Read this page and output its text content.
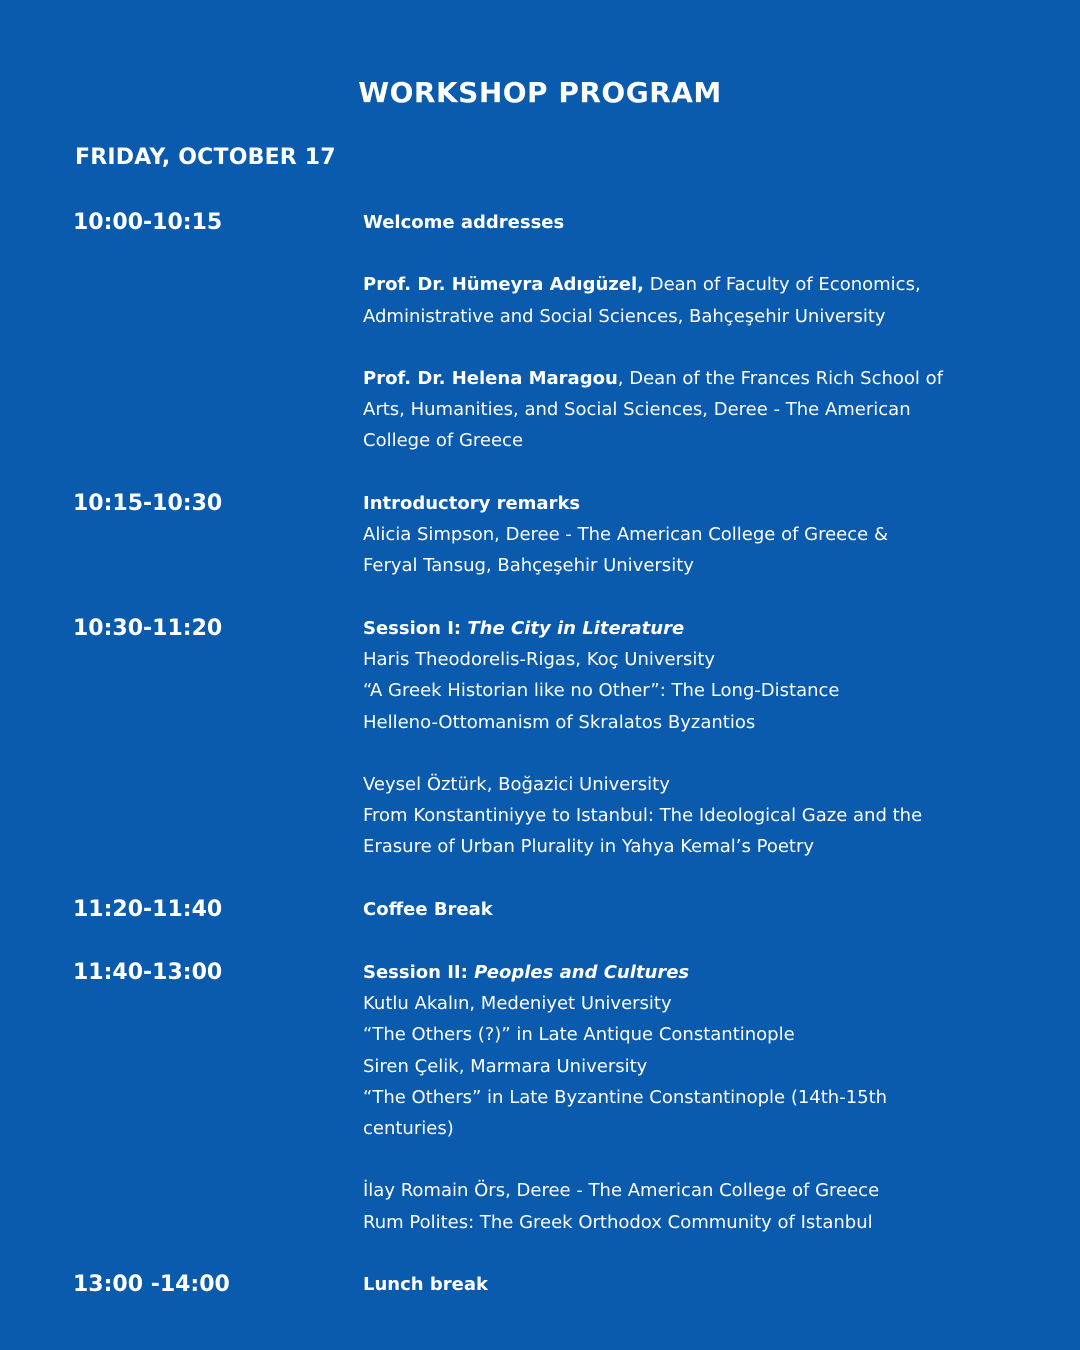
WORKSHOP PROGRAM
FRIDAY, OCTOBER 17
10:00-10:15	Welcome addresses
Prof. Dr. Hümeyra Adıgüzel, Dean of Faculty of Economics,
Administrative and Social Sciences, Bahçeşehir University
Prof. Dr. Helena Maragou, Dean of the Frances Rich School of
Arts, Humanities, and Social Sciences, Deree - The American
College of Greece
10:15-10:30	Introductory remarks
Alicia Simpson, Deree - The American College of Greece &
Feryal Tansug, Bahçeşehir University
10:30-11:20	Session I: The City in Literature
Haris Theodorelis-Rigas, Koç University
“A Greek Historian like no Other”: The Long-Distance
Helleno-Ottomanism of Skralatos Byzantios
Veysel Öztürk, Boğazici University
From Konstantiniyye to Istanbul: The Ideological Gaze and the
Erasure of Urban Plurality in Yahya Kemal’s Poetry
11:20-11:40	Coffee Break
11:40-13:00	Session II: Peoples and Cultures
Kutlu Akalın, Medeniyet University
“The Others (?)” in Late Antique Constantinople
Siren Çelik, Marmara University
“The Others” in Late Byzantine Constantinople (14th-15th
centuries)
İlay Romain Örs, Deree - The American College of Greece
Rum Polites: The Greek Orthodox Community of Istanbul
13:00 -14:00	Lunch break
